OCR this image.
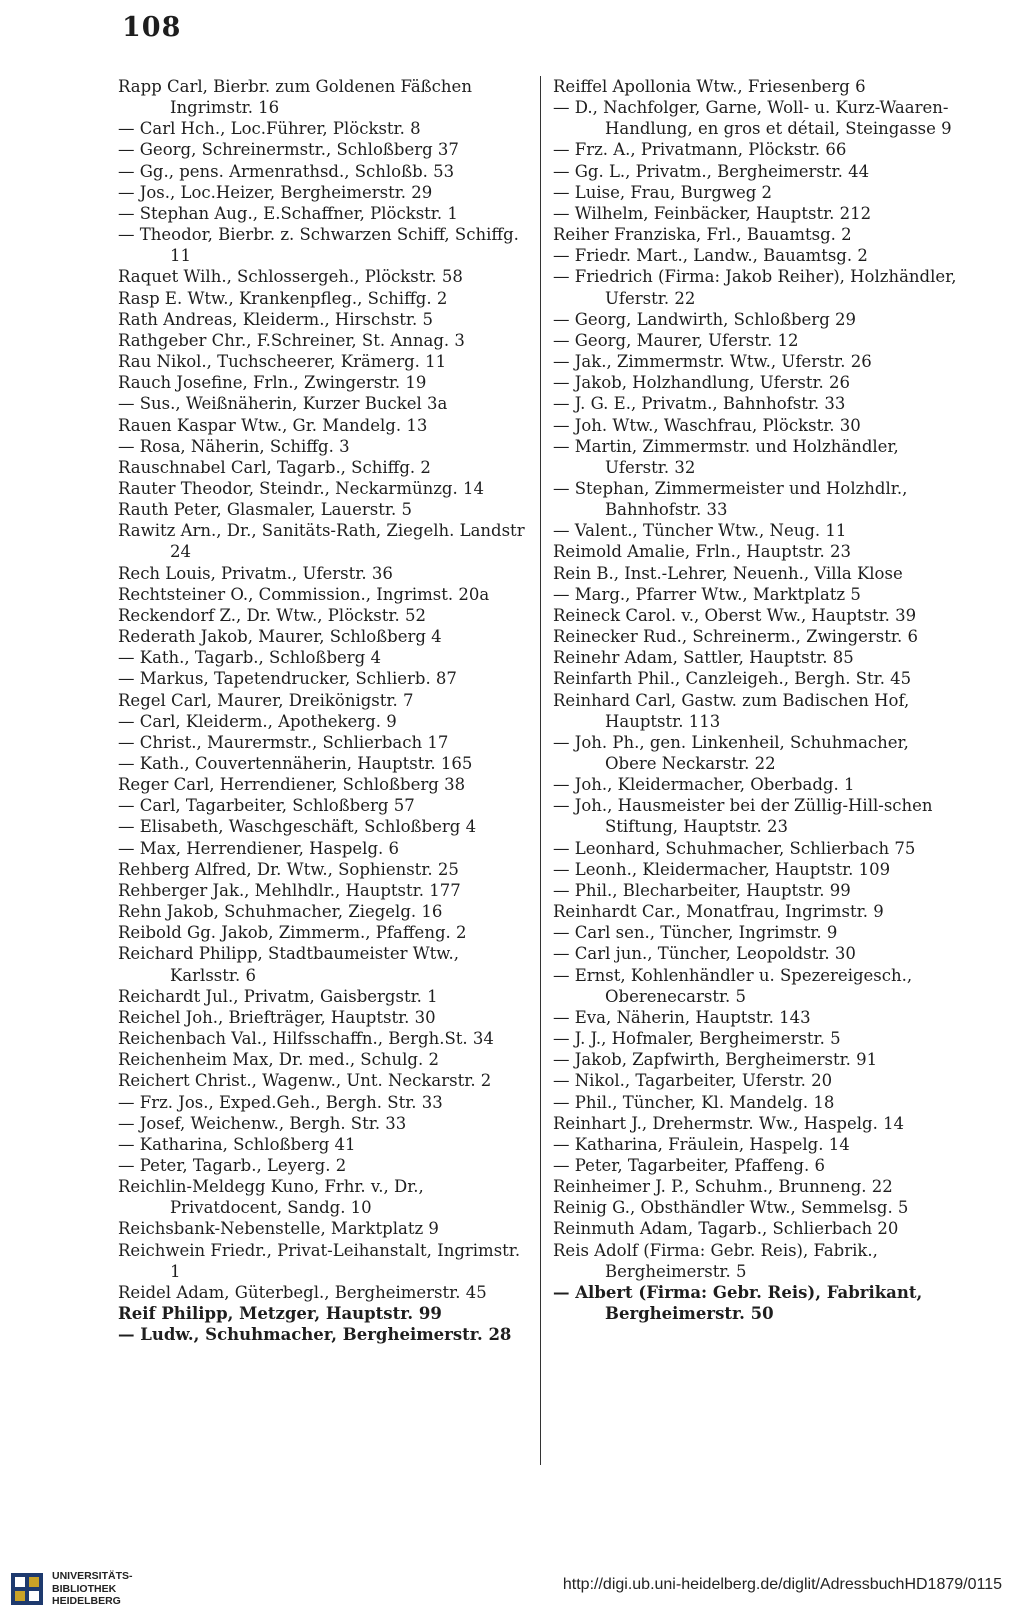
108
Rapp Carl, Bierbr. zum Goldenen Fäßchen Ingrimstr. 16
— Carl Hch., Loc.Führer, Plöckstr. 8
— Georg, Schreinermstr., Schloßberg 37
— Gg., pens. Armenrathsd., Schloßb. 53
— Jos., Loc.Heizer, Bergheimerstr. 29
— Stephan Aug., E.Schaffner, Plöckstr. 1
— Theodor, Bierbr. z. Schwarzen Schiff, Schiffg. 11
Raquet Wilh., Schlossergeh., Plöckstr. 58
Rasp E. Wtw., Krankenpfleg., Schiffg. 2
Rath Andreas, Kleiderm., Hirschstr. 5
Rathgeber Chr., F.Schreiner, St. Annag. 3
Rau Nikol., Tuchscheerer, Krämerg. 11
Rauch Josefine, Frln., Zwingerstr. 19
— Sus., Weißnäherin, Kurzer Buckel 3a
Rauen Kaspar Wtw., Gr. Mandelg. 13
— Rosa, Näherin, Schiffg. 3
Rauschnabel Carl, Tagarb., Schiffg. 2
Rauter Theodor, Steindr., Neckarmünzg. 14
Rauth Peter, Glasmaler, Lauerstr. 5
Rawitz Arn., Dr., Sanitäts-Rath, Ziegelh. Landstr 24
Rech Louis, Privatm., Uferstr. 36
Rechtsteiner O., Commission., Ingrimst. 20a
Reckendorf Z., Dr. Wtw., Plöckstr. 52
Rederath Jakob, Maurer, Schloßberg 4
— Kath., Tagarb., Schloßberg 4
— Markus, Tapetendrucker, Schlierb. 87
Regel Carl, Maurer, Dreikönigstr. 7
— Carl, Kleiderm., Apothekerg. 9
— Christ., Maurermstr., Schlierbach 17
— Kath., Couvertennäherin, Hauptstr. 165
Reger Carl, Herrendiener, Schloßberg 38
— Carl, Tagarbeiter, Schloßberg 57
— Elisabeth, Waschgeschäft, Schloßberg 4
— Max, Herrendiener, Haspelg. 6
Rehberg Alfred, Dr. Wtw., Sophienstr. 25
Rehberger Jak., Mehlhdlr., Hauptstr. 177
Rehn Jakob, Schuhmacher, Ziegelg. 16
Reibold Gg. Jakob, Zimmerm., Pfaffeng. 2
Reichard Philipp, Stadtbaumeister Wtw., Karlsstr. 6
Reichardt Jul., Privatm, Gaisbergstr. 1
Reichel Joh., Briefträger, Hauptstr. 30
Reichenbach Val., Hilfsschaffn., Bergh.St. 34
Reichenheim Max, Dr. med., Schulg. 2
Reichert Christ., Wagenw., Unt. Neckarstr. 2
— Frz. Jos., Exped.Geh., Bergh. Str. 33
— Josef, Weichenw., Bergh. Str. 33
— Katharina, Schloßberg 41
— Peter, Tagarb., Leyerg. 2
Reichlin-Meldegg Kuno, Frhr. v., Dr., Privatdocent, Sandg. 10
Reichsbank-Nebenstelle, Marktplatz 9
Reichwein Friedr., Privat-Leihanstalt, Ingrimstr. 1
Reidel Adam, Güterbegl., Bergheimerstr. 45
Reif Philipp, Metzger, Hauptstr. 99
— Ludw., Schuhmacher, Bergheimerstr. 28
Reiffel Apollonia Wtw., Friesenberg 6
— D., Nachfolger, Garne, Woll- u. Kurz-Waaren-Handlung, en gros et détail, Steingasse 9
— Frz. A., Privatmann, Plöckstr. 66
— Gg. L., Privatm., Bergheimerstr. 44
— Luise, Frau, Burgweg 2
— Wilhelm, Feinbäcker, Hauptstr. 212
Reiher Franziska, Frl., Bauamtsg. 2
— Friedr. Mart., Landw., Bauamtsg. 2
— Friedrich (Firma: Jakob Reiher), Holzhändler, Uferstr. 22
— Georg, Landwirth, Schloßberg 29
— Georg, Maurer, Uferstr. 12
— Jak., Zimmermstr. Wtw., Uferstr. 26
— Jakob, Holzhandlung, Uferstr. 26
— J. G. E., Privatm., Bahnhofstr. 33
— Joh. Wtw., Waschfrau, Plöckstr. 30
— Martin, Zimmermstr. und Holzhändler, Uferstr. 32
— Stephan, Zimmermeister und Holzhdlr., Bahnhofstr. 33
— Valent., Tüncher Wtw., Neug. 11
Reimold Amalie, Frln., Hauptstr. 23
Rein B., Inst.-Lehrer, Neuenh., Villa Klose
— Marg., Pfarrer Wtw., Marktplatz 5
Reineck Carol. v., Oberst Ww., Hauptstr. 39
Reinecker Rud., Schreinerm., Zwingerstr. 6
Reinehr Adam, Sattler, Hauptstr. 85
Reinfarth Phil., Canzleigeh., Bergh. Str. 45
Reinhard Carl, Gastw. zum Badischen Hof, Hauptstr. 113
— Joh. Ph., gen. Linkenheil, Schuhmacher, Obere Neckarstr. 22
— Joh., Kleidermacher, Oberbadg. 1
— Joh., Hausmeister bei der Züllig-Hill-schen Stiftung, Hauptstr. 23
— Leonhard, Schuhmacher, Schlierbach 75
— Leonh., Kleidermacher, Hauptstr. 109
— Phil., Blecharbeiter, Hauptstr. 99
Reinhardt Car., Monatfrau, Ingrimstr. 9
— Carl sen., Tüncher, Ingrimstr. 9
— Carl jun., Tüncher, Leopoldstr. 30
— Ernst, Kohlenhändler u. Spezereigesch., Oberenecarstr. 5
— Eva, Näherin, Hauptstr. 143
— J. J., Hofmaler, Bergheimerstr. 5
— Jakob, Zapfwirth, Bergheimerstr. 91
— Nikol., Tagarbeiter, Uferstr. 20
— Phil., Tüncher, Kl. Mandelg. 18
Reinhart J., Drehermstr. Ww., Haspelg. 14
— Katharina, Fräulein, Haspelg. 14
— Peter, Tagarbeiter, Pfaffeng. 6
Reinheimer J. P., Schuhm., Brunneng. 22
Reinig G., Obsthändler Wtw., Semmelsg. 5
Reinmuth Adam, Tagarb., Schlierbach 20
Reis Adolf (Firma: Gebr. Reis), Fabrik., Bergheimerstr. 5
— Albert (Firma: Gebr. Reis), Fabrikant, Bergheimerstr. 50
UNIVERSITÄTS-
BIBLIOTHEK
HEIDELBERG
http://digi.ub.uni-heidelberg.de/diglit/AdressbuchHD1879/0115
